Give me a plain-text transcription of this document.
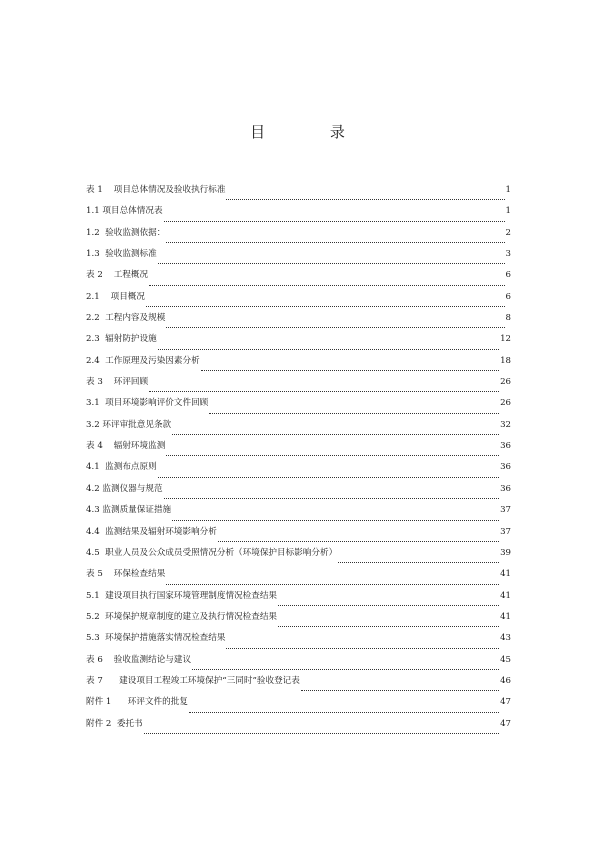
目 录
表 1    项目总体情况及验收执行标准	1
1.1 项目总体情况表	1
1.2  验收监测依据：	2
1.3  验收监测标准	3
表 2    工程概况	6
2.1    项目概况	6
2.2  工程内容及规模	8
2.3  辐射防护设施	12
2.4  工作原理及污染因素分析	18
表 3    环评回顾	26
3.1  项目环境影响评价文件回顾	26
3.2 环评审批意见条款	32
表 4    辐射环境监测	36
4.1  监测布点原则	36
4.2 监测仪器与规范	36
4.3 监测质量保证措施	37
4.4  监测结果及辐射环境影响分析	37
4.5  职业人员及公众成员受照情况分析（环境保护目标影响分析）	39
表 5    环保检查结果	41
5.1  建设项目执行国家环境管理制度情况检查结果	41
5.2  环境保护规章制度的建立及执行情况检查结果	41
5.3  环境保护措施落实情况检查结果	43
表 6    验收监测结论与建议	45
表 7      建设项目工程竣工环境保护“三同时”验收登记表	46
附件 1      环评文件的批复	47
附件 2  委托书	47
